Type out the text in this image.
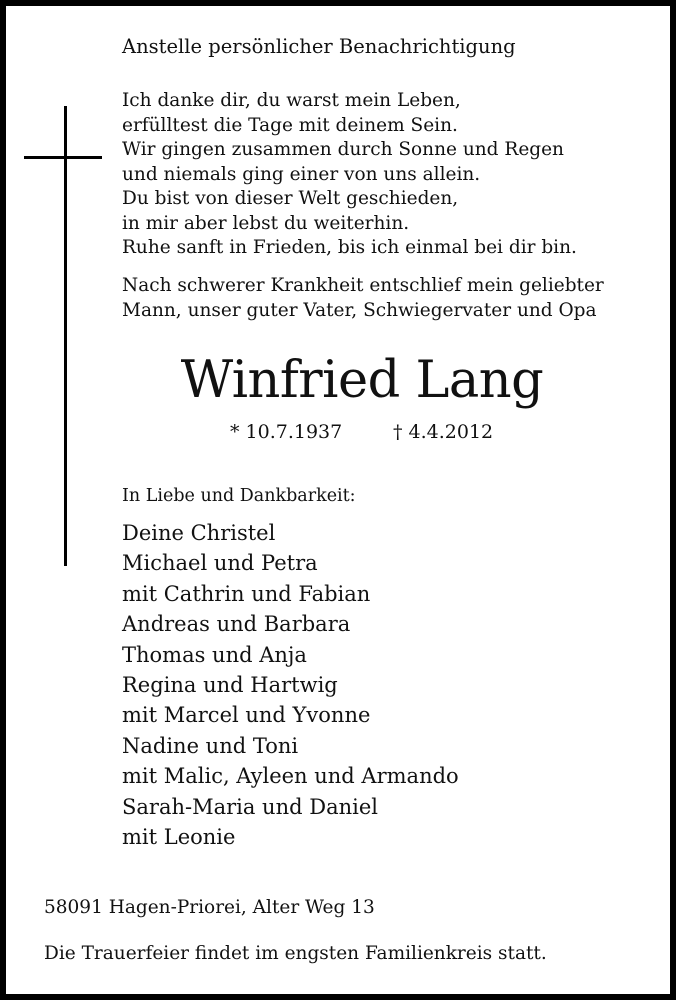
Anstelle persönlicher Benachrichtigung
Ich danke dir, du warst mein Leben,
erfülltest die Tage mit deinem Sein.
Wir gingen zusammen durch Sonne und Regen
und niemals ging einer von uns allein.
Du bist von dieser Welt geschieden,
in mir aber lebst du weiterhin.
Ruhe sanft in Frieden, bis ich einmal bei dir bin.
Nach schwerer Krankheit entschlief mein geliebter
Mann, unser guter Vater, Schwiegervater und Opa
Winfried Lang
* 10.7.1937	† 4.4.2012
In Liebe und Dankbarkeit:
Deine Christel
Michael und Petra
mit Cathrin und Fabian
Andreas und Barbara
Thomas und Anja
Regina und Hartwig
mit Marcel und Yvonne
Nadine und Toni
mit Malic, Ayleen und Armando
Sarah-Maria und Daniel
mit Leonie
58091 Hagen-Priorei, Alter Weg 13
Die Trauerfeier findet im engsten Familienkreis statt.
